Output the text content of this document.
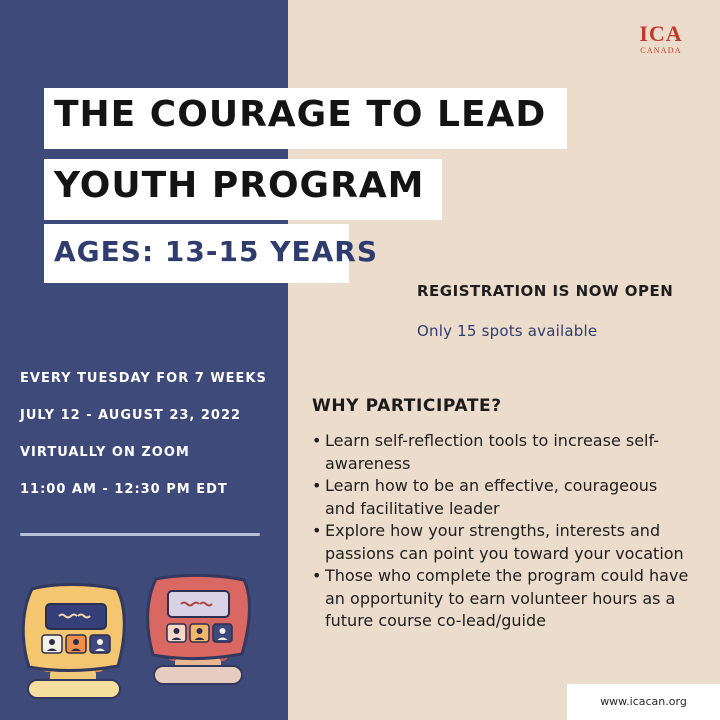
ICA
CANADA
THE COURAGE TO LEAD
YOUTH PROGRAM
AGES: 13-15 YEARS

REGISTRATION IS NOW OPEN

Only 15 spots available

EVERY TUESDAY FOR 7 WEEKS
JULY 12 - AUGUST 23, 2022
VIRTUALLY ON ZOOM
11:00 AM - 12:30 PM EDT

WHY PARTICIPATE?

• Learn self-reflection tools to increase self-awareness
• Learn how to be an effective, courageous and facilitative leader
• Explore how your strengths, interests and passions can point you toward your vocation
• Those who complete the program could have an opportunity to earn volunteer hours as a future course co-lead/guide
www.icacan.org
